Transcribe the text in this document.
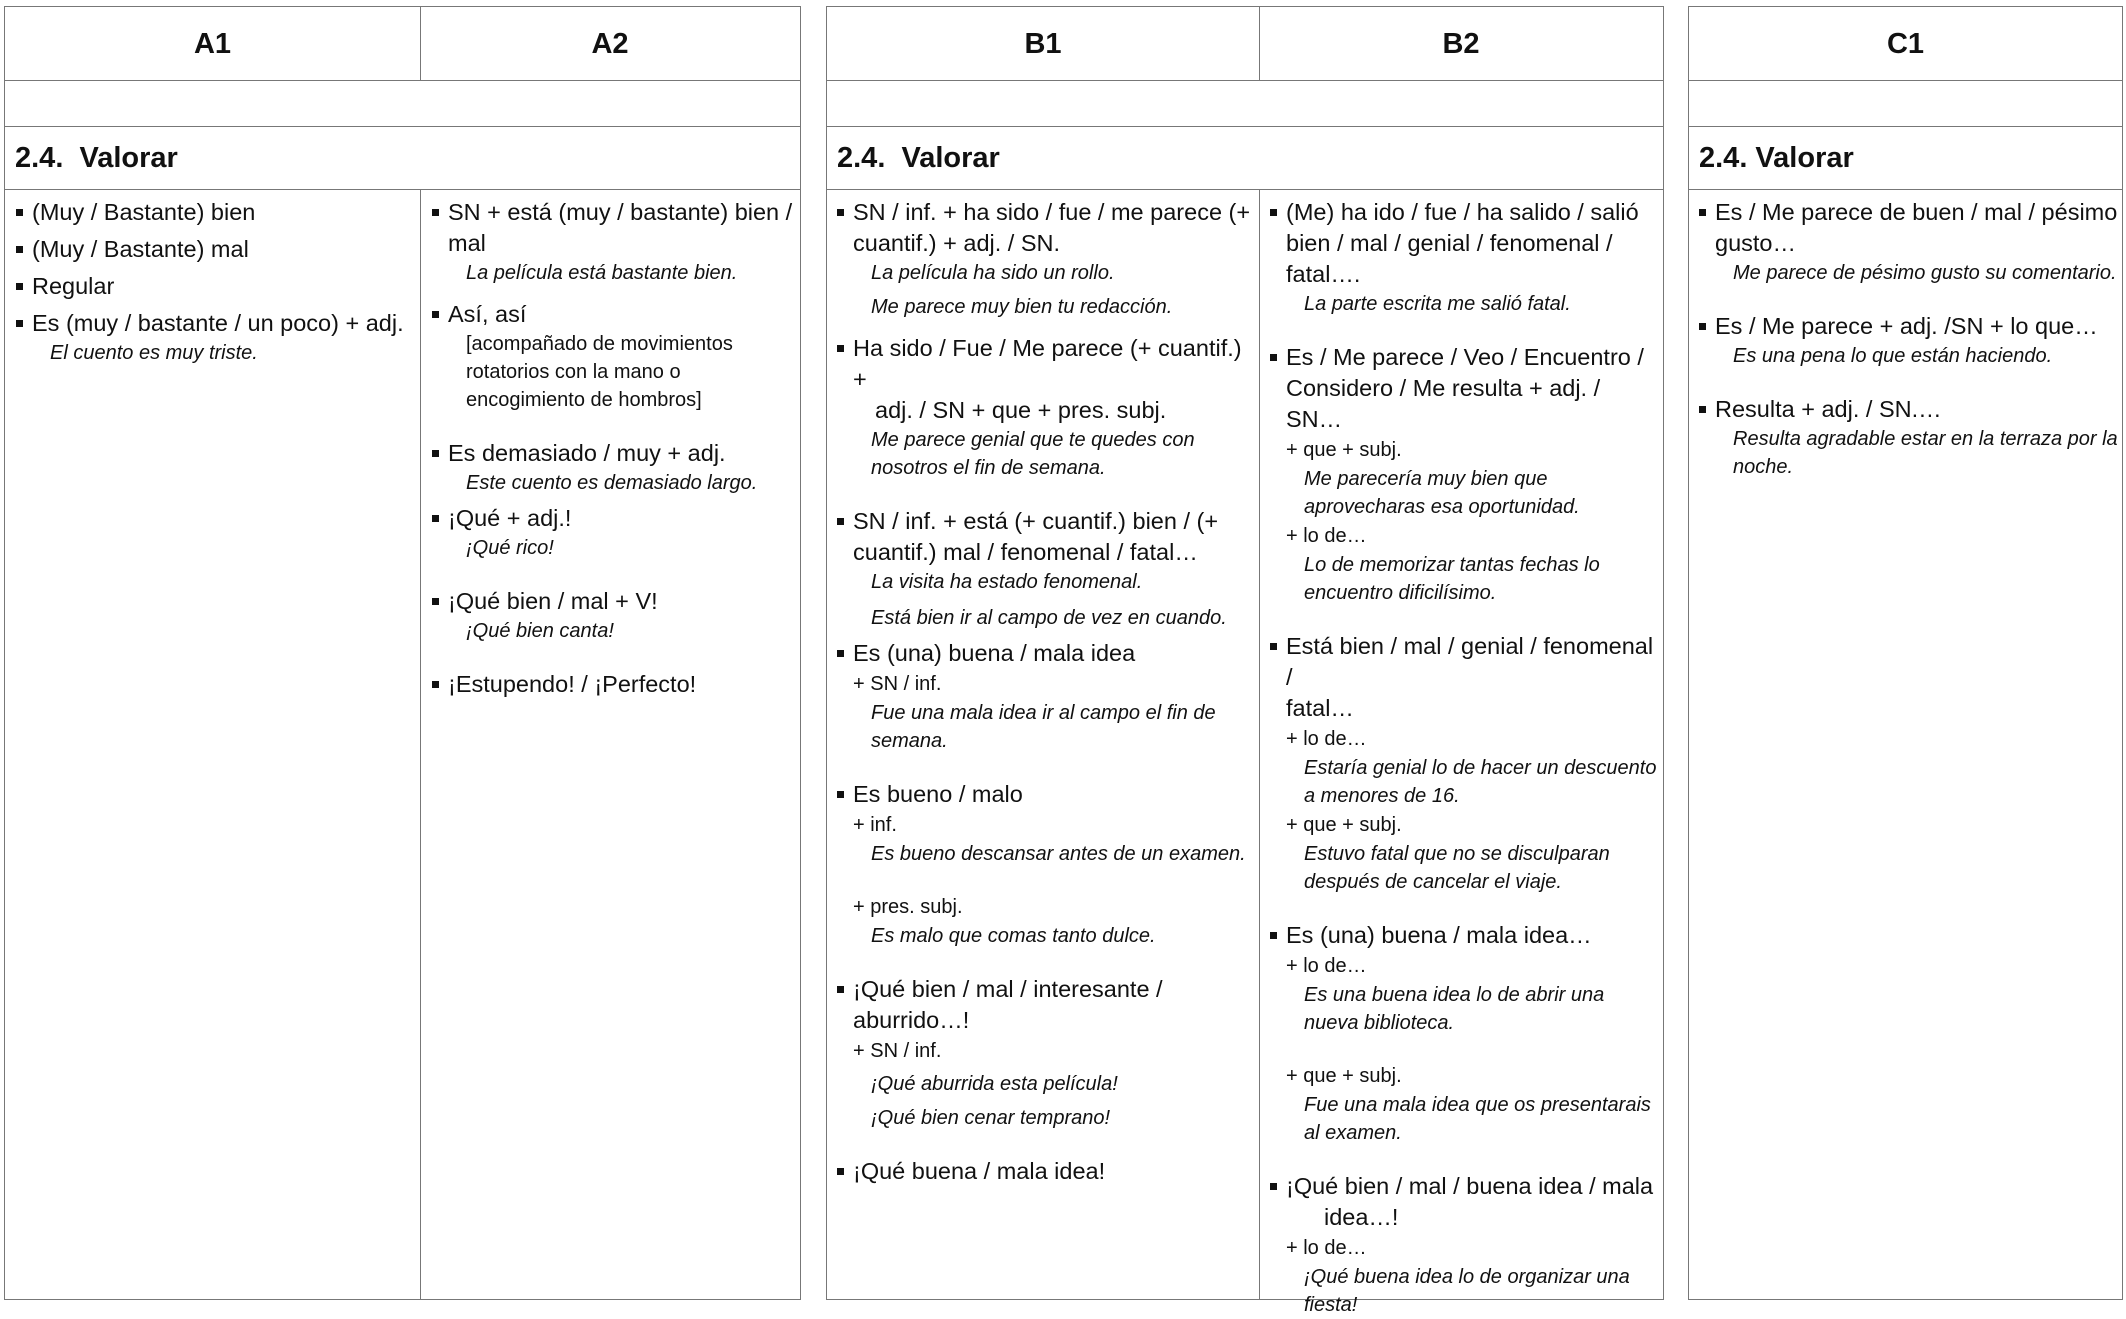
A1	A2
2.4.  Valorar
(Muy / Bastante) bien
(Muy / Bastante) mal
Regular
Es (muy / bastante / un poco) + adj.
El cuento es muy triste.
SN + está (muy / bastante) bien /
mal
La película está bastante bien.
Así, así
[acompañado de movimientos
rotatorios con la mano o
encogimiento de hombros]
Es demasiado / muy + adj.
Este cuento es demasiado largo.
¡Qué + adj.!
¡Qué rico!
¡Qué bien / mal + V!
¡Qué bien canta!
¡Estupendo! / ¡Perfecto!
B1	B2
2.4.  Valorar
SN / inf. + ha sido / fue / me parece (+
cuantif.) + adj. / SN.
La película ha sido un rollo.
Me parece muy bien tu redacción.
Ha sido / Fue / Me parece (+ cuantif.) +
adj. / SN + que + pres. subj.
Me parece genial que te quedes con
nosotros el fin de semana.
SN / inf. + está (+ cuantif.) bien / (+
cuantif.) mal / fenomenal / fatal…
La visita ha estado fenomenal.
Está bien ir al campo de vez en cuando.
Es (una) buena / mala idea
+ SN / inf.
Fue una mala idea ir al campo el fin de
semana.
Es bueno / malo
+ inf.
Es bueno descansar antes de un examen.
+ pres. subj.
Es malo que comas tanto dulce.
¡Qué bien / mal / interesante /
aburrido…!
+ SN / inf.
¡Qué aburrida esta película!
¡Qué bien cenar temprano!
¡Qué buena / mala idea!
(Me) ha ido / fue / ha salido / salió
bien / mal / genial / fenomenal /
fatal….
La parte escrita me salió fatal.
Es / Me parece / Veo / Encuentro /
Considero / Me resulta + adj. / SN…
+ que + subj.
Me parecería muy bien que
aprovecharas esa oportunidad.
+ lo de…
Lo de memorizar tantas fechas lo
encuentro dificilísimo.
Está bien / mal / genial / fenomenal /
fatal…
+ lo de…
Estaría genial lo de hacer un descuento
a menores de 16.
+ que + subj.
Estuvo fatal que no se disculparan
después de cancelar el viaje.
Es (una) buena / mala idea…
+ lo de…
Es una buena idea lo de abrir una
nueva biblioteca.
+ que + subj.
Fue una mala idea que os presentarais
al examen.
¡Qué bien / mal / buena idea / mala
idea…!
+ lo de…
¡Qué buena idea lo de organizar una
fiesta!
C1
2.4. Valorar
Es / Me parece de buen / mal / pésimo
gusto…
Me parece de pésimo gusto su comentario.
Es / Me parece + adj. /SN + lo que…
Es una pena lo que están haciendo.
Resulta + adj. / SN.…
Resulta agradable estar en la terraza por la
noche.
